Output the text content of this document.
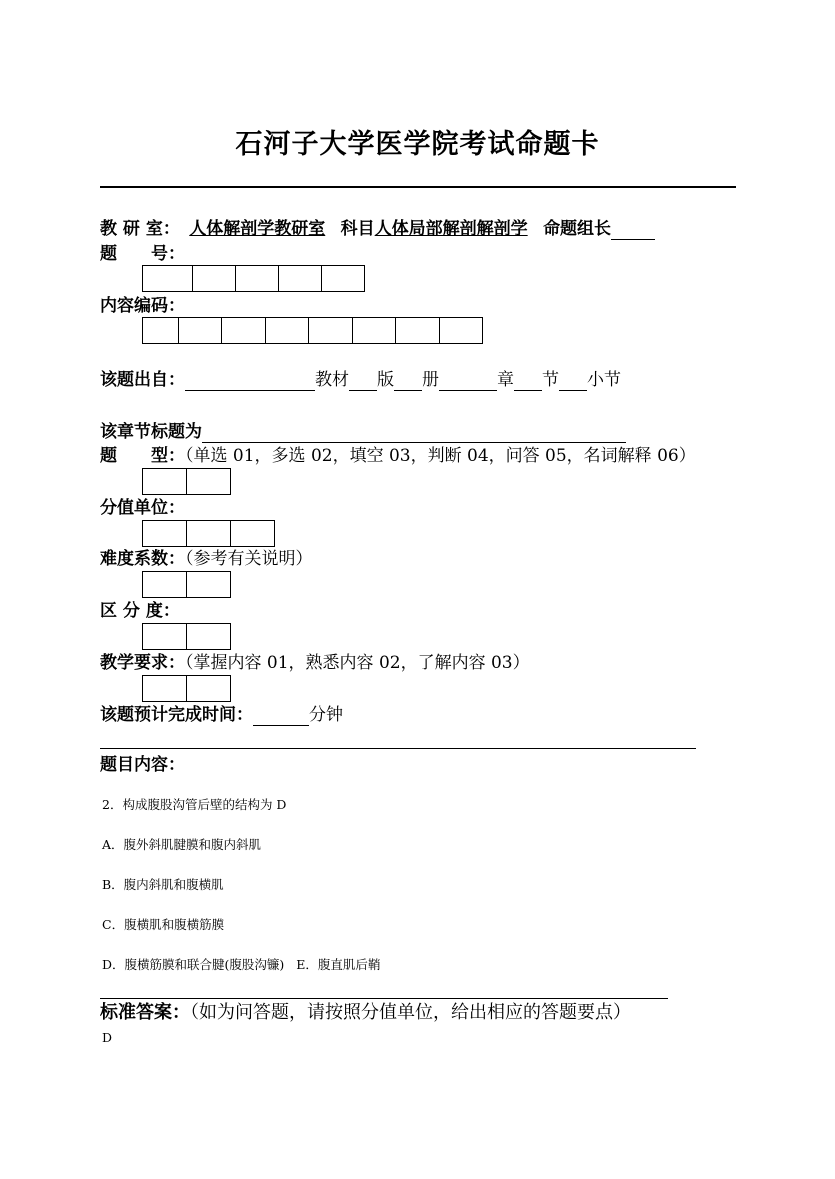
石河子大学医学院考试命题卡
教 研 室： 人体解剖学教研室 科目人体局部解剖解剖学 命题组长
题　　号：
内容编码：
该题出自：	教材 版 册	章 节 小节
该章节标题为
题　　型：（单选 01，多选 02，填空 03，判断 04，问答 05，名词解释 06）
分值单位：
难度系数：（参考有关说明）
区 分 度：
教学要求：（掌握内容 01，熟悉内容 02，了解内容 03）
该题预计完成时间：	分钟
题目内容：
2．构成腹股沟管后壁的结构为 D
A．腹外斜肌腱膜和腹内斜肌
B．腹内斜肌和腹横肌
C．腹横肌和腹横筋膜
D．腹横筋膜和联合腱(腹股沟镰) E．腹直肌后鞘
标准答案：（如为问答题，请按照分值单位，给出相应的答题要点）
D
